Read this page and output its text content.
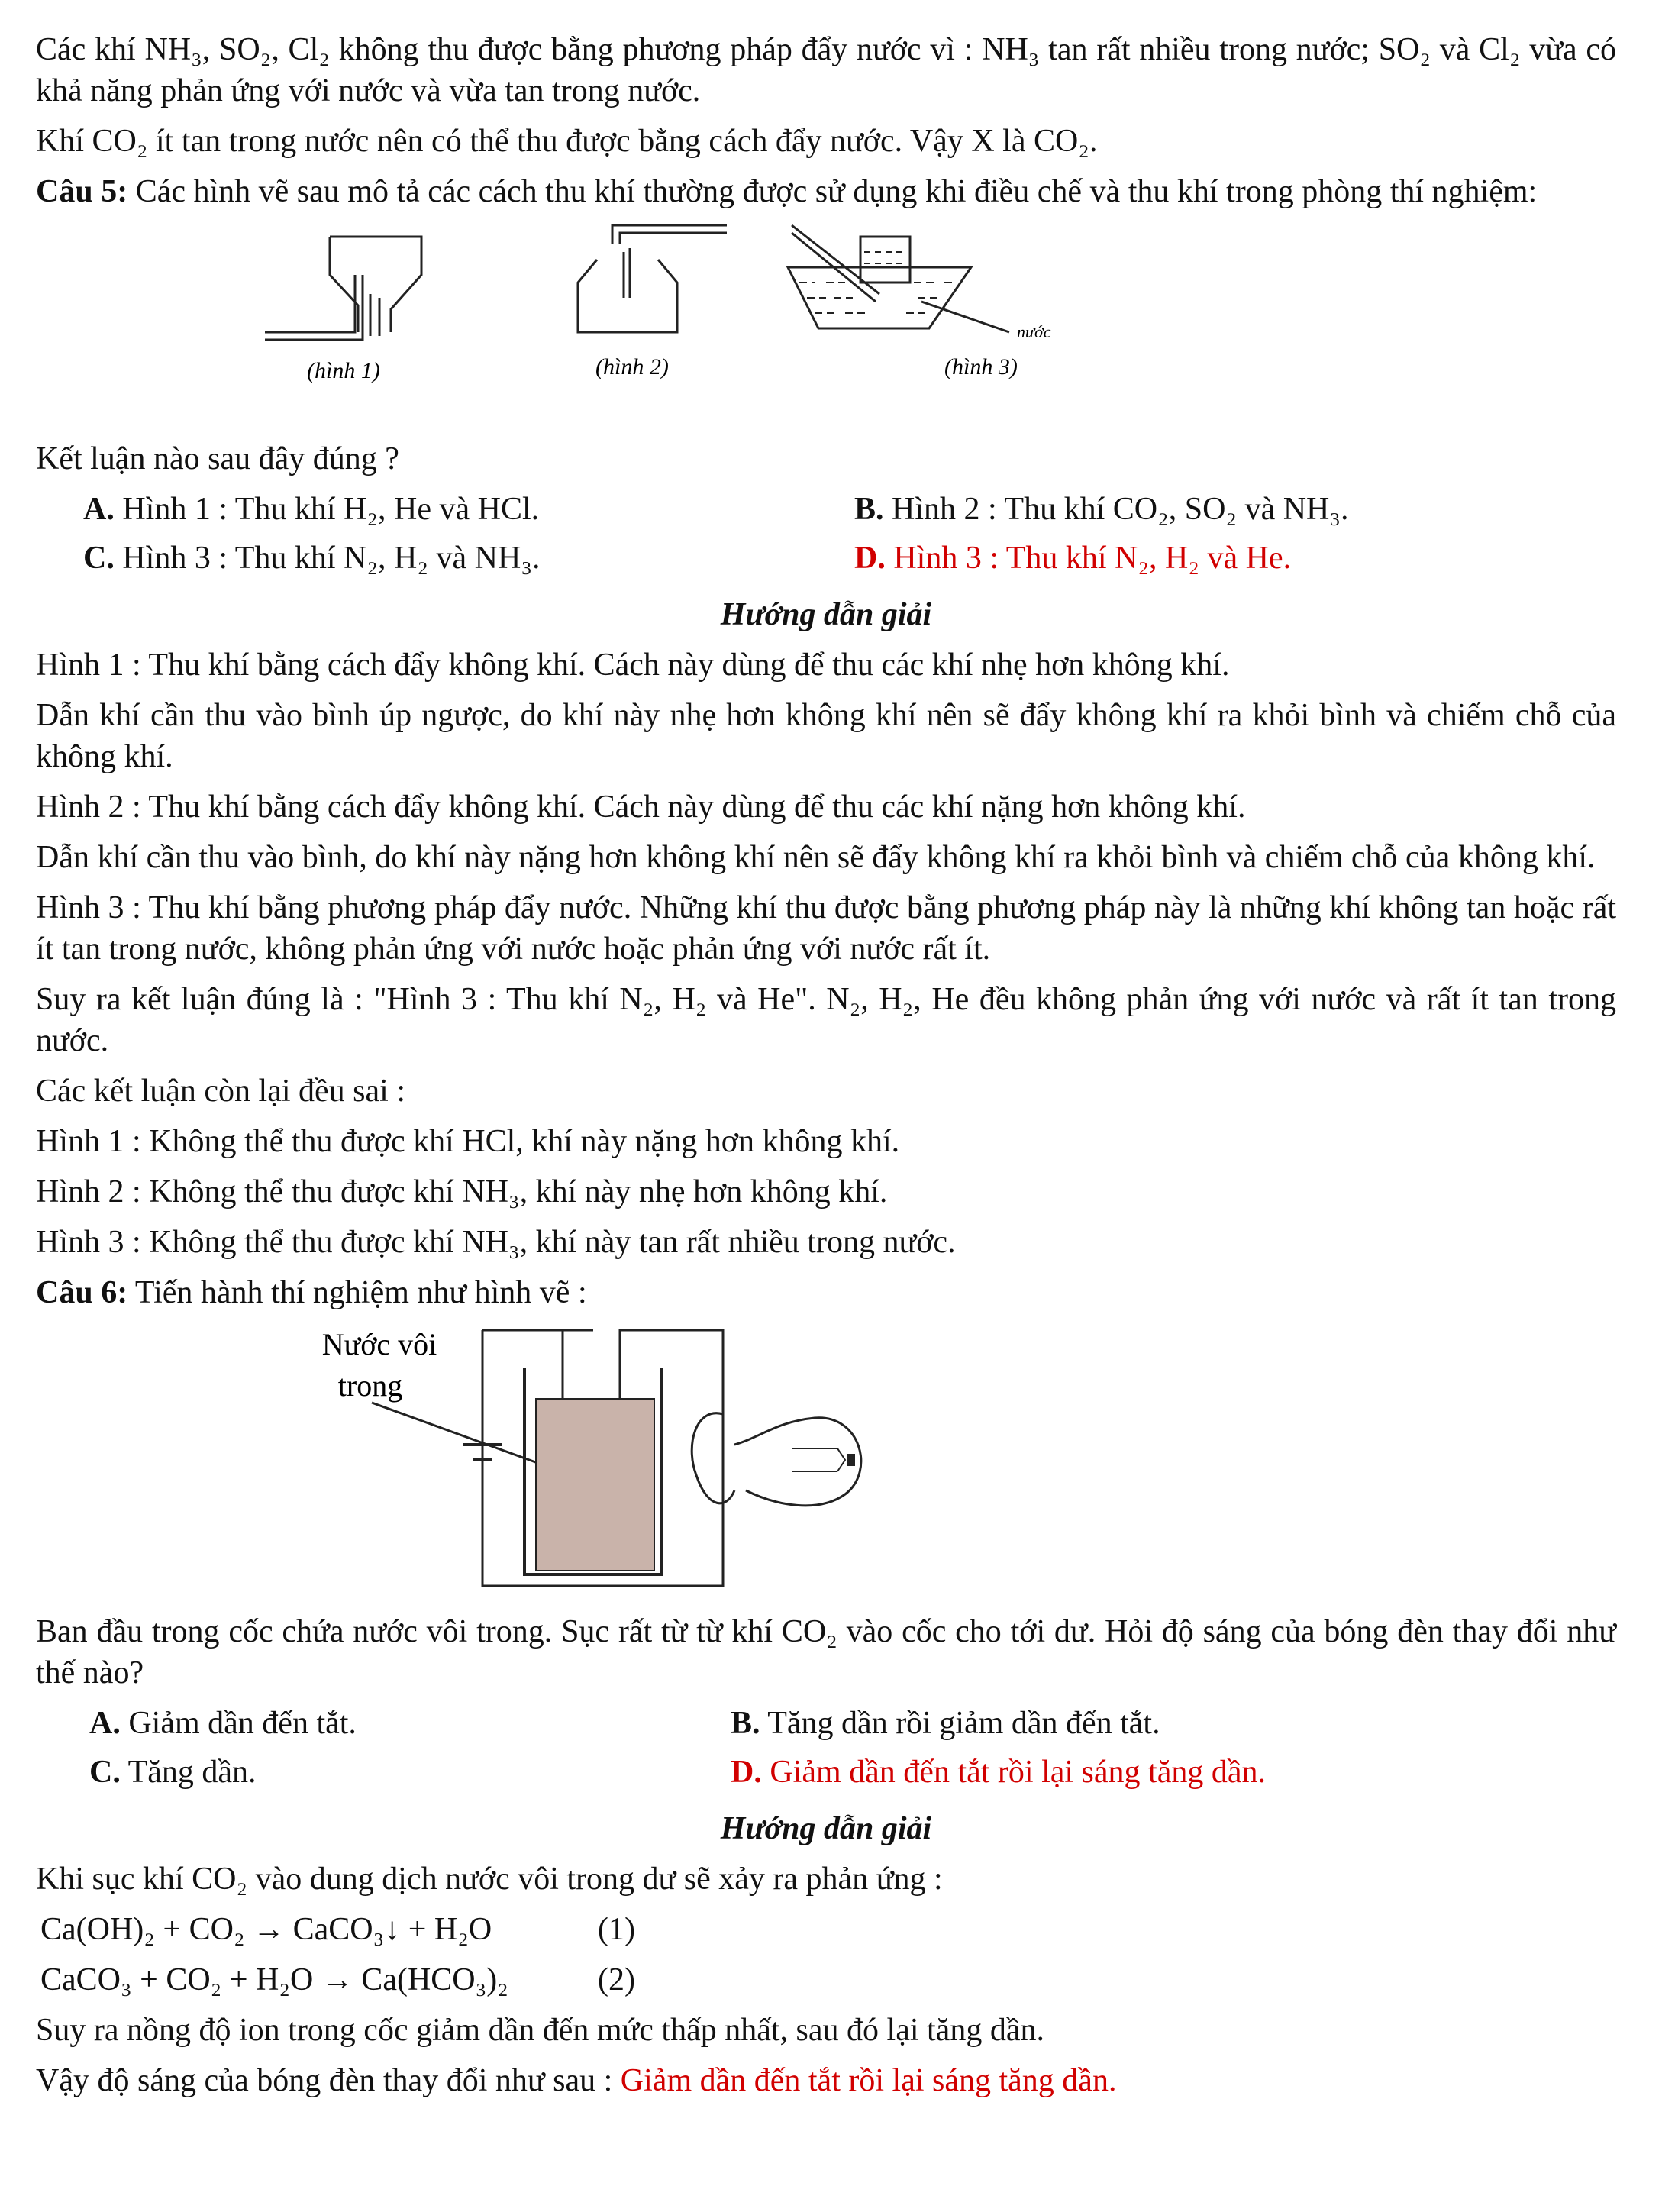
Các khí NH₃, SO₂, Cl₂ không thu được bằng phương pháp đẩy nước vì : NH₃ tan rất nhiều trong nước; SO₂ và Cl₂ vừa có khả năng phản ứng với nước và vừa tan trong nước.

Khí CO₂ ít tan trong nước nên có thể thu được bằng cách đẩy nước. Vậy X là CO₂.

Câu 5: Các hình vẽ sau mô tả các cách thu khí thường được sử dụng khi điều chế và thu khí trong phòng thí nghiệm:

(hình 1)	(hình 2)	(hình 3)
nước

Kết luận nào sau đây đúng ?

A. Hình 1 : Thu khí H₂, He và HCl.	B. Hình 2 : Thu khí CO₂, SO₂ và NH₃.
C. Hình 3 : Thu khí N₂, H₂ và NH₃.	D. Hình 3 : Thu khí N₂, H₂ và He.

Hướng dẫn giải

Hình 1 : Thu khí bằng cách đẩy không khí. Cách này dùng để thu các khí nhẹ hơn không khí.

Dẫn khí cần thu vào bình úp ngược, do khí này nhẹ hơn không khí nên sẽ đẩy không khí ra khỏi bình và chiếm chỗ của không khí.

Hình 2 : Thu khí bằng cách đẩy không khí. Cách này dùng để thu các khí nặng hơn không khí.

Dẫn khí cần thu vào bình, do khí này nặng hơn không khí nên sẽ đẩy không khí ra khỏi bình và chiếm chỗ của không khí.

Hình 3 : Thu khí bằng phương pháp đẩy nước. Những khí thu được bằng phương pháp này là những khí không tan hoặc rất ít tan trong nước, không phản ứng với nước hoặc phản ứng với nước rất ít.

Suy ra kết luận đúng là : "Hình 3 : Thu khí N₂, H₂ và He". N₂, H₂, He đều không phản ứng với nước và rất ít tan trong nước.

Các kết luận còn lại đều sai :

Hình 1 : Không thể thu được khí HCl, khí này nặng hơn không khí.

Hình 2 : Không thể thu được khí NH₃, khí này nhẹ hơn không khí.

Hình 3 : Không thể thu được khí NH₃, khí này tan rất nhiều trong nước.

Câu 6: Tiến hành thí nghiệm như hình vẽ :

Nước vôi
trong

Ban đầu trong cốc chứa nước vôi trong. Sục rất từ từ khí CO₂ vào cốc cho tới dư. Hỏi độ sáng của bóng đèn thay đổi như thế nào?

A. Giảm dần đến tắt.	B. Tăng dần rồi giảm dần đến tắt.
C. Tăng dần.	D. Giảm dần đến tắt rồi lại sáng tăng dần.

Hướng dẫn giải

Khi sục khí CO₂ vào dung dịch nước vôi trong dư sẽ xảy ra phản ứng :

Ca(OH)₂ + CO₂ → CaCO₃↓ + H₂O	(1)
CaCO₃ + CO₂ + H₂O → Ca(HCO₃)₂	(2)

Suy ra nồng độ ion trong cốc giảm dần đến mức thấp nhất, sau đó lại tăng dần.

Vậy độ sáng của bóng đèn thay đổi như sau : Giảm dần đến tắt rồi lại sáng tăng dần.
